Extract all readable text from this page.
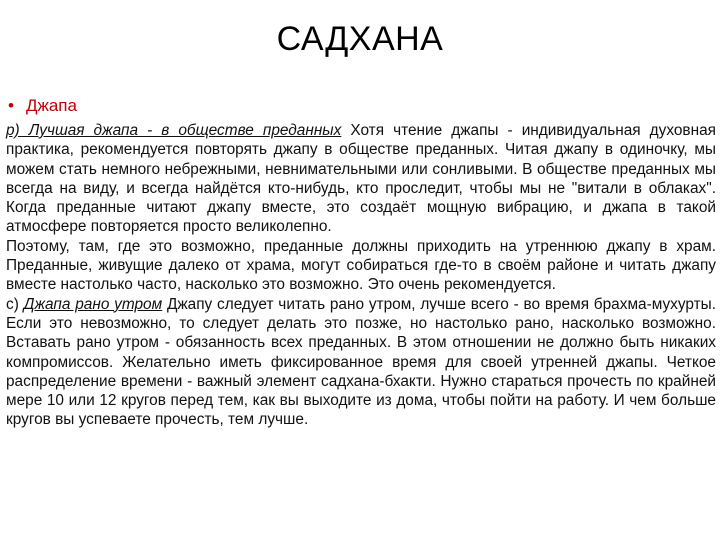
САДХАНА
• Джапа

р) Лучшая джапа - в обществе преданных Хотя чтение джапы - индивидуальная духовная практика, рекомендуется повторять джапу в обществе преданных. Читая джапу в одиночку, мы можем стать немного небрежными, невнимательными или сонливыми. В обществе преданных мы всегда на виду, и всегда найдётся кто-нибудь, кто проследит, чтобы мы не "витали в облаках". Когда преданные читают джапу вместе, это создаёт мощную вибрацию, и джапа в такой атмосфере повторяется просто великолепно.

Поэтому, там, где это возможно, преданные должны приходить на утреннюю джапу в храм. Преданные, живущие далеко от храма, могут собираться где-то в своём районе и читать джапу вместе настолько часто, насколько это возможно. Это очень рекомендуется.

с) Джапа рано утром Джапу следует читать рано утром, лучше всего - во время брахма-мухурты. Если это невозможно, то следует делать это позже, но настолько рано, насколько возможно. Вставать рано утром - обязанность всех преданных. В этом отношении не должно быть никаких компромиссов. Желательно иметь фиксированное время для своей утренней джапы. Четкое распределение времени - важный элемент садхана-бхакти. Нужно стараться прочесть по крайней мере 10 или 12 кругов перед тем, как вы выходите из дома, чтобы пойти на работу. И чем больше кругов вы успеваете прочесть, тем лучше.
